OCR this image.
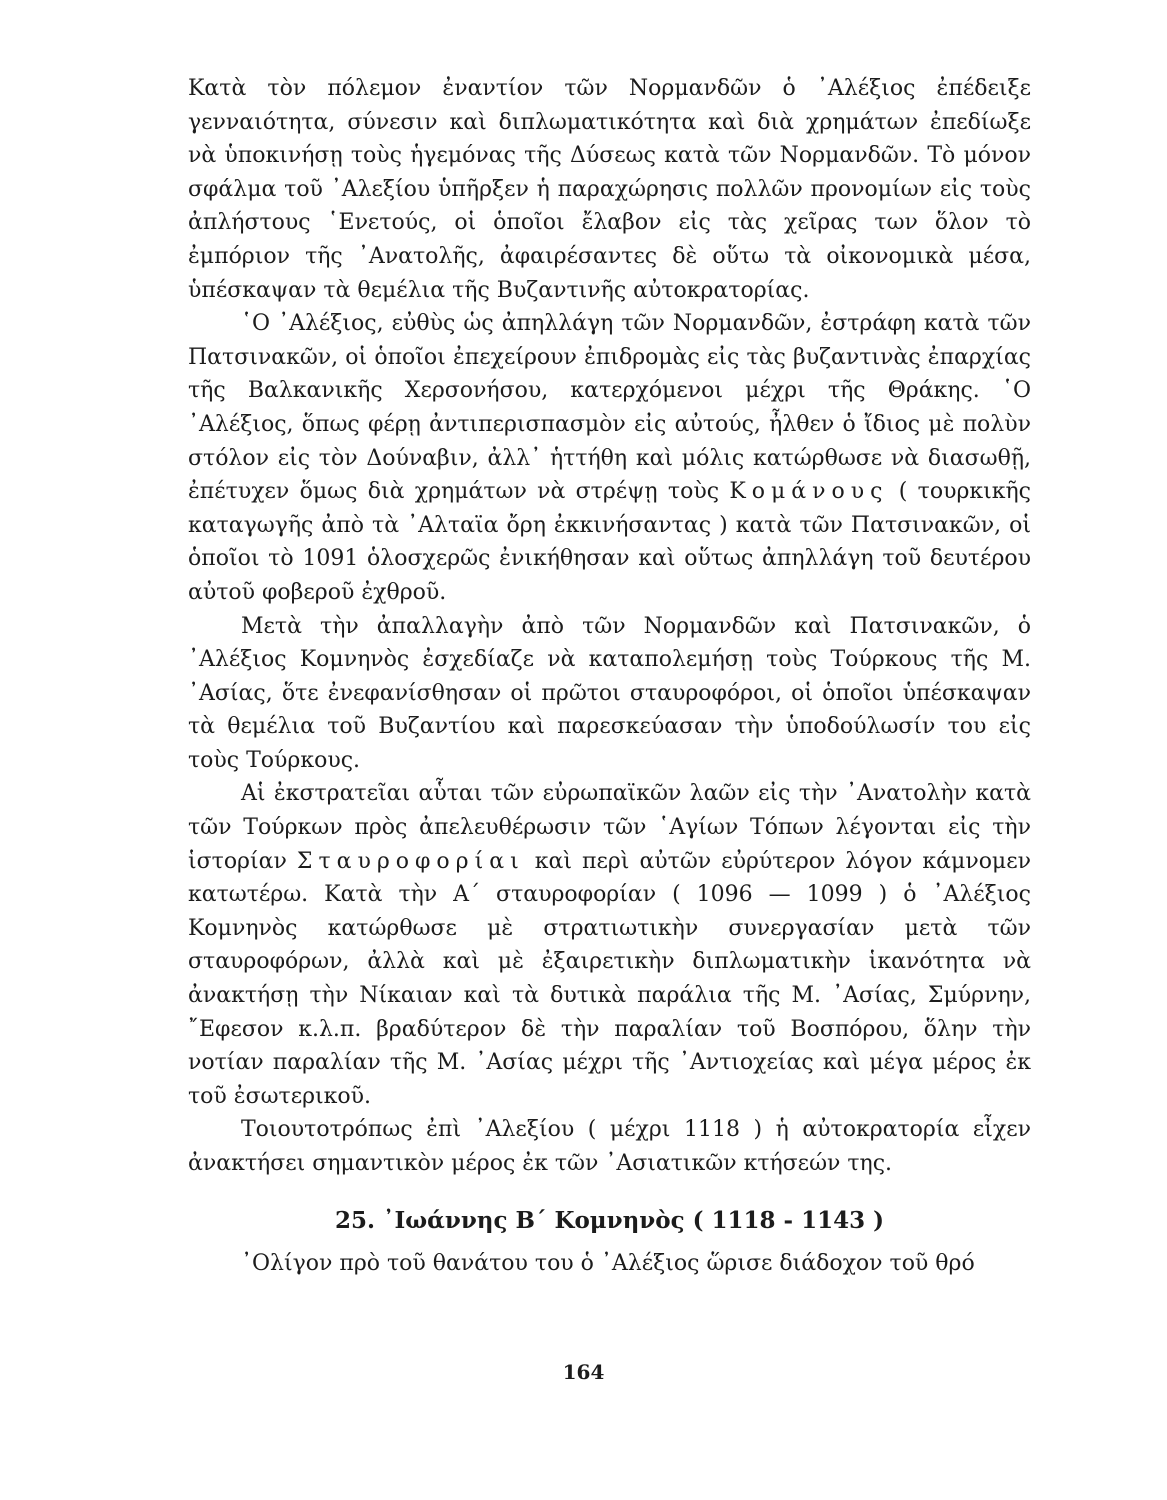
Κατὰ τὸν πόλεμον ἐναντίον τῶν Νορμανδῶν ὁ ᾿Αλέξιος ἐπέδειξε γενναιότητα, σύνεσιν καὶ διπλωματικότητα καὶ διὰ χρημάτων ἐπεδίωξε νὰ ὑποκινήσῃ τοὺς ἡγεμόνας τῆς Δύσεως κατὰ τῶν Νορμανδῶν. Τὸ μόνον σφάλμα τοῦ ᾿Αλεξίου ὑπῆρξεν ἡ παραχώρησις πολλῶν προνομίων εἰς τοὺς ἀπλήστους ῾Ενετούς, οἱ ὁποῖοι ἔλαβον εἰς τὰς χεῖρας των ὅλον τὸ ἐμπόριον τῆς ᾿Ανατολῆς, ἀφαιρέσαντες δὲ οὕτω τὰ οἰκονομικὰ μέσα, ὑπέσκαψαν τὰ θεμέλια τῆς Βυζαντινῆς αὐτοκρατορίας.

῾Ο ᾿Αλέξιος, εὐθὺς ὡς ἀπηλλάγη τῶν Νορμανδῶν, ἐστράφη κατὰ τῶν Πατσινακῶν, οἱ ὁποῖοι ἐπεχείρουν ἐπιδρομὰς εἰς τὰς βυζαντινὰς ἐπαρχίας τῆς Βαλκανικῆς Χερσονήσου, κατερχόμενοι μέχρι τῆς Θράκης. ῾Ο ᾿Αλέξιος, ὅπως φέρῃ ἀντιπερισπασμὸν εἰς αὐτούς, ἦλθεν ὁ ἴδιος μὲ πολὺν στόλον εἰς τὸν Δούναβιν, ἀλλ᾿ ἡττήθη καὶ μόλις κατώρθωσε νὰ διασωθῇ, ἐπέτυχεν ὅμως διὰ χρημάτων νὰ στρέψῃ τοὺς Κομάνους ( τουρκικῆς καταγωγῆς ἀπὸ τὰ ᾿Αλταϊα ὄρη ἐκκινήσαντας ) κατὰ τῶν Πατσινακῶν, οἱ ὁποῖοι τὸ 1091 ὁλοσχερῶς ἐνικήθησαν καὶ οὕτως ἀπηλλάγη τοῦ δευτέρου αὐτοῦ φοβεροῦ ἐχθροῦ.

Μετὰ τὴν ἀπαλλαγὴν ἀπὸ τῶν Νορμανδῶν καὶ Πατσινακῶν, ὁ ᾿Αλέξιος Κομνηνὸς ἐσχεδίαζε νὰ καταπολεμήσῃ τοὺς Τούρκους τῆς Μ. ᾿Ασίας, ὅτε ἐνεφανίσθησαν οἱ πρῶτοι σταυροφόροι, οἱ ὁποῖοι ὑπέσκαψαν τὰ θεμέλια τοῦ Βυζαντίου καὶ παρεσκεύασαν τὴν ὑποδούλωσίν του εἰς τοὺς Τούρκους.

Αἱ ἐκστρατεῖαι αὗται τῶν εὐρωπαϊκῶν λαῶν εἰς τὴν ᾿Ανατολὴν κατὰ τῶν Τούρκων πρὸς ἀπελευθέρωσιν τῶν ῾Αγίων Τόπων λέγονται εἰς τὴν ἱστορίαν Σταυροφορίαι καὶ περὶ αὐτῶν εὐρύτερον λόγον κάμνομεν κατωτέρω. Κατὰ τὴν Α΄ σταυροφορίαν ( 1096 — 1099 ) ὁ ᾿Αλέξιος Κομνηνὸς κατώρθωσε μὲ στρατιωτικὴν συνεργασίαν μετὰ τῶν σταυροφόρων, ἀλλὰ καὶ μὲ ἐξαιρετικὴν διπλωματικὴν ἱκανότητα νὰ ἀνακτήσῃ τὴν Νίκαιαν καὶ τὰ δυτικὰ παράλια τῆς Μ. ᾿Ασίας, Σμύρνην, ῎Εφεσον κ.λ.π. βραδύτερον δὲ τὴν παραλίαν τοῦ Βοσπόρου, ὅλην τὴν νοτίαν παραλίαν τῆς Μ. ᾿Ασίας μέχρι τῆς ᾿Αντιοχείας καὶ μέγα μέρος ἐκ τοῦ ἐσωτερικοῦ.

Τοιουτοτρόπως ἐπὶ ᾿Αλεξίου ( μέχρι 1118 ) ἡ αὐτοκρατορία εἶχεν ἀνακτήσει σημαντικὸν μέρος ἐκ τῶν ᾿Ασιατικῶν κτήσεών της.

25. ᾿Ιωάννης Β΄ Κομνηνὸς ( 1118 - 1143 )

᾿Ολίγον πρὸ τοῦ θανάτου του ὁ ᾿Αλέξιος ὥρισε διάδοχον τοῦ θρό

164
